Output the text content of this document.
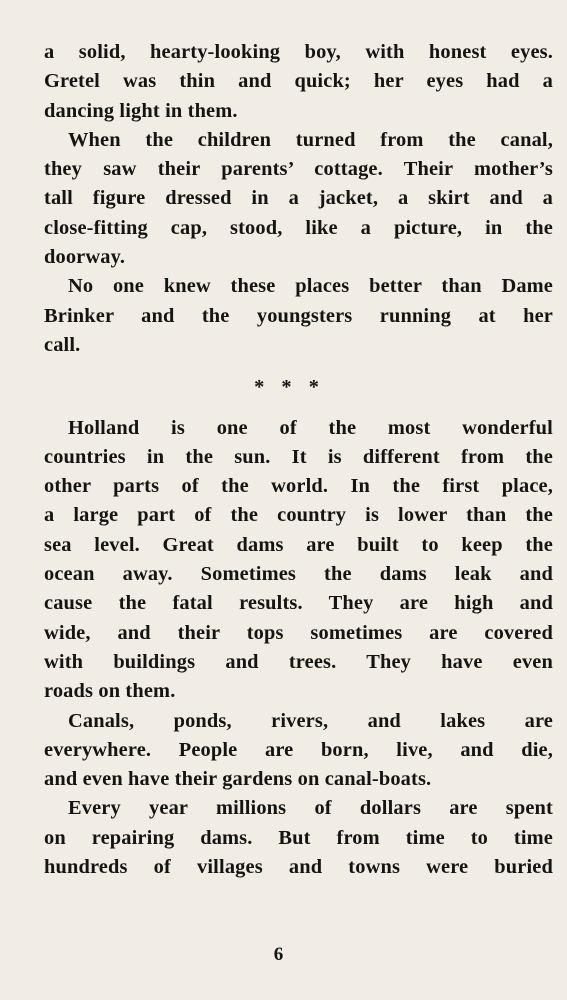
a solid, hearty-looking boy, with honest eyes.
Gretel was thin and quick; her eyes had a
dancing light in them.
When the children turned from the canal,
they saw their parents’ cottage. Their mother’s
tall figure dressed in a jacket, a skirt and a
close-fitting cap, stood, like a picture, in the
doorway.
No one knew these places better than Dame
Brinker and the youngsters running at her
call.
* * *
Holland is one of the most wonderful
countries in the sun. It is different from the
other parts of the world. In the first place,
a large part of the country is lower than the
sea level. Great dams are built to keep the
ocean away. Sometimes the dams leak and
cause the fatal results. They are high and
wide, and their tops sometimes are covered
with buildings and trees. They have even
roads on them.
Canals, ponds, rivers, and lakes are
everywhere. People are born, live, and die,
and even have their gardens on canal-boats.
Every year millions of dollars are spent
on repairing dams. But from time to time
hundreds of villages and towns were buried
6
